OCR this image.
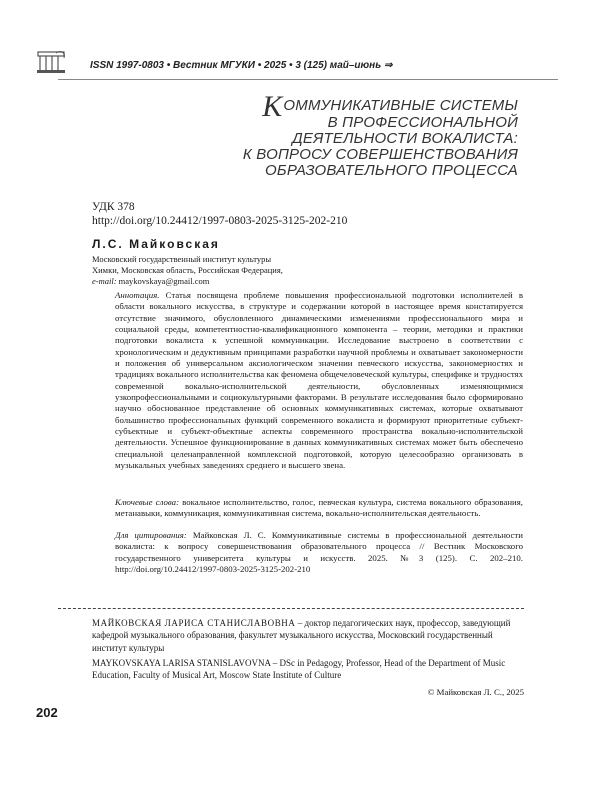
ISSN 1997-0803 • Вестник МГУКИ • 2025 • 3 (125) май–июнь ⇒
КОММУНИКАТИВНЫЕ СИСТЕМЫ
В ПРОФЕССИОНАЛЬНОЙ
ДЕЯТЕЛЬНОСТИ ВОКАЛИСТА:
К ВОПРОСУ СОВЕРШЕНСТВОВАНИЯ
ОБРАЗОВАТЕЛЬНОГО ПРОЦЕССА
УДК 378
http://doi.org/10.24412/1997-0803-2025-3125-202-210
Л.С. Майковская
Московский государственный институт культуры
Химки, Московская область, Российская Федерация,
e-mail: maykovskaya@gmail.com
Аннотация. Статья посвящена проблеме повышения профессиональной подготовки исполнителей в области вокального искусства, в структуре и содержании которой в настоящее время констатируется отсутствие значимого, обусловленного динамическими изменениями профессионального мира и социальной среды, компетентностно-квалификационного компонента – теории, методики и практики подготовки вокалиста к успешной коммуникации. Исследование выстроено в соответствии с хронологическим и дедуктивным принципами разработки научной проблемы и охватывает закономерности и положения об универсальном аксиологическом значении певческого искусства, закономерностях и традициях вокального исполнительства как феномена общечеловеческой культуры, специфике и трудностях современной вокально-исполнительской деятельности, обусловленных изменяющимися узкопрофессиональными и социокультурными факторами. В результате исследования было сформировано научно обоснованное представление об основных коммуникативных системах, которые охватывают большинство профессиональных функций современного вокалиста и формируют приоритетные субъект-субъектные и субъект-объектные аспекты современного пространства вокально-исполнительской деятельности. Успешное функционирование в данных коммуникативных системах может быть обеспечено специальной целенаправленной комплексной подготовкой, которую целесообразно организовать в музыкальных учебных заведениях среднего и высшего звена.
Ключевые слова: вокальное исполнительство, голос, певческая культура, система вокального образования, метанавыки, коммуникация, коммуникативная система, вокально-исполнительская деятельность.
Для цитирования: Майковская Л. С. Коммуникативные системы в профессиональной деятельности вокалиста: к вопросу совершенствования образовательного процесса // Вестник Московского государственного университета культуры и искусств. 2025. №3 (125). С. 202–210. http://doi.org/10.24412/1997-0803-2025-3125-202-210
МАЙКОВСКАЯ ЛАРИСА СТАНИСЛАВОВНА – доктор педагогических наук, профессор, заведующий кафедрой музыкального образования, факультет музыкального искусства, Московский государственный институт культуры
MAYKOVSKAYA LARISA STANISLAVOVNA – DSc in Pedagogy, Professor, Head of the Department of Music Education, Faculty of Musical Art, Moscow State Institute of Culture
© Майковская Л. С., 2025
202
